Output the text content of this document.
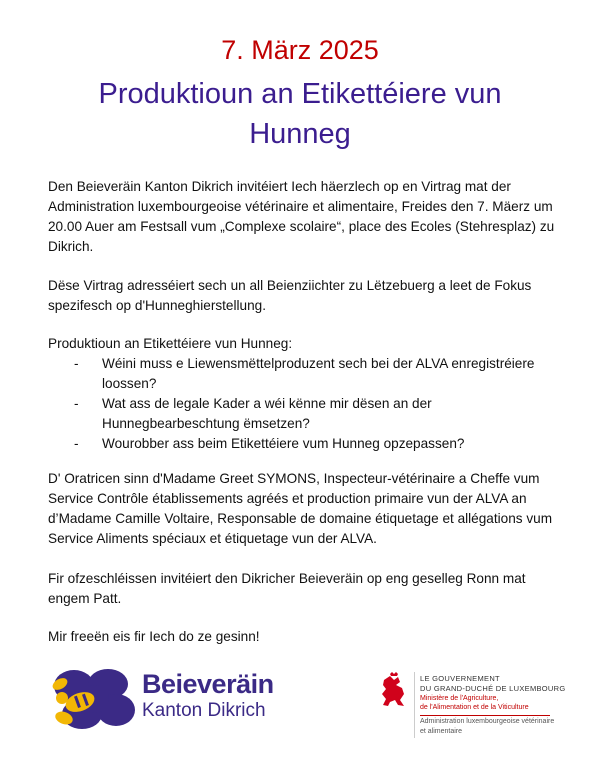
7. März 2025
Produktioun an Etikettéiere vun Hunneg
Den Beieveräin Kanton Dikrich invitéiert Iech häerzlech op en Virtrag mat der Administration luxembourgeoise vétérinaire et alimentaire, Freides den 7. Mäerz um 20.00 Auer am Festsall vum „Complexe scolaire“, place des Ecoles (Stehresplaz) zu Dikrich.
Dëse Virtrag adresséiert sech un all Beienziichter zu Lëtzebuerg a leet de Fokus spezifesch op d'Hunneghierstellung.
Produktioun an Etikettéiere vun Hunneg:
- Wéini muss e Liewensmëttelproduzent sech bei der ALVA enregistréiere loossen?
- Wat ass de legale Kader a wéi kënne mir dësen an der Hunnegbearbeschtung ëmsetzen?
- Wourobber ass beim Etikettéiere vum Hunneg opzepassen?
D' Oratricen sinn d'Madame Greet SYMONS, Inspecteur-vétérinaire a Cheffe vum Service Contrôle établissements agréés et production primaire vun der ALVA an d’Madame Camille Voltaire, Responsable de domaine étiquetage et allégations vum Service Aliments spéciaux et étiquetage vun der ALVA.
Fir ofzeschléissen invitéiert den Dikricher Beieveräin op eng geselleg Ronn mat engem Patt.
Mir freeën eis fir Iech do ze gesinn!
Beieveräin
Kanton Dikrich
LE GOUVERNEMENT
DU GRAND-DUCHÉ DE LUXEMBOURG
Ministère de l'Agriculture,
de l'Alimentation et de la Viticulture
Administration luxembourgeoise vétérinaire
et alimentaire
